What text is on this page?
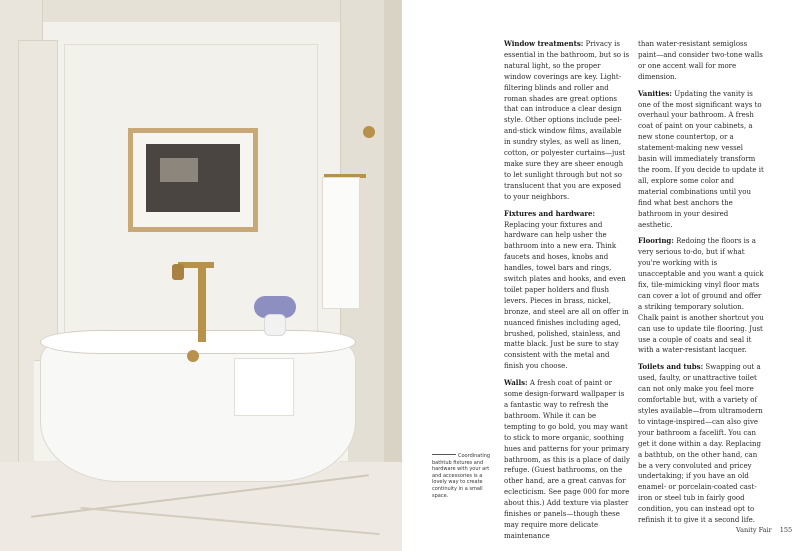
Window treatments: Privacy is essential in the bathroom, but so is natural light, so the proper window coverings are key. Light-filtering blinds and roller and roman shades are great options that can introduce a clear design style. Other options include peel-and-stick window films, available in sundry styles, as well as linen, cotton, or polyester curtains—just make sure they are sheer enough to let sunlight through but not so translucent that you are exposed to your neighbors.

Fixtures and hardware: Replacing your fixtures and hardware can help usher the bathroom into a new era. Think faucets and hoses, knobs and handles, towel bars and rings, switch plates and hooks, and even toilet paper holders and flush levers. Pieces in brass, nickel, bronze, and steel are all on offer in nuanced finishes including aged, brushed, polished, stainless, and matte black. Just be sure to stay consistent with the metal and finish you choose.

Walls: A fresh coat of paint or some design-forward wallpaper is a fantastic way to refresh the bathroom. While it can be tempting to go bold, you may want to stick to more organic, soothing hues and patterns for your primary bathroom, as this is a place of daily refuge. (Guest bathrooms, on the other hand, are a great canvas for eclecticism. See page 000 for more about this.) Add texture via plaster finishes or panels—though these may require more delicate maintenance

than water-resistant semigloss paint—and consider two-tone walls or one accent wall for more dimension.

Vanities: Updating the vanity is one of the most significant ways to overhaul your bathroom. A fresh coat of paint on your cabinets, a new stone countertop, or a statement-making new vessel basin will immediately transform the room. If you decide to update it all, explore some color and material combinations until you find what best anchors the bathroom in your desired aesthetic.

Flooring: Redoing the floors is a very serious to-do, but if what you're working with is unacceptable and you want a quick fix, tile-mimicking vinyl floor mats can cover a lot of ground and offer a striking temporary solution. Chalk paint is another shortcut you can use to update tile flooring. Just use a couple of coats and seal it with a water-resistant lacquer.

Toilets and tubs: Swapping out a used, faulty, or unattractive toilet can not only make you feel more comfortable but, with a variety of styles available—from ultramodern to vintage-inspired—can also give your bathroom a facelift. You can get it done within a day. Replacing a bathtub, on the other hand, can be a very convoluted and pricey undertaking; if you have an old enamel- or porcelain-coated cast-iron or steel tub in fairly good condition, you can instead opt to refinish it to give it a second life.

Coordinating bathtub fixtures and hardware with your art and accessories is a lovely way to create continuity in a small space.
Vanity Fair 155
